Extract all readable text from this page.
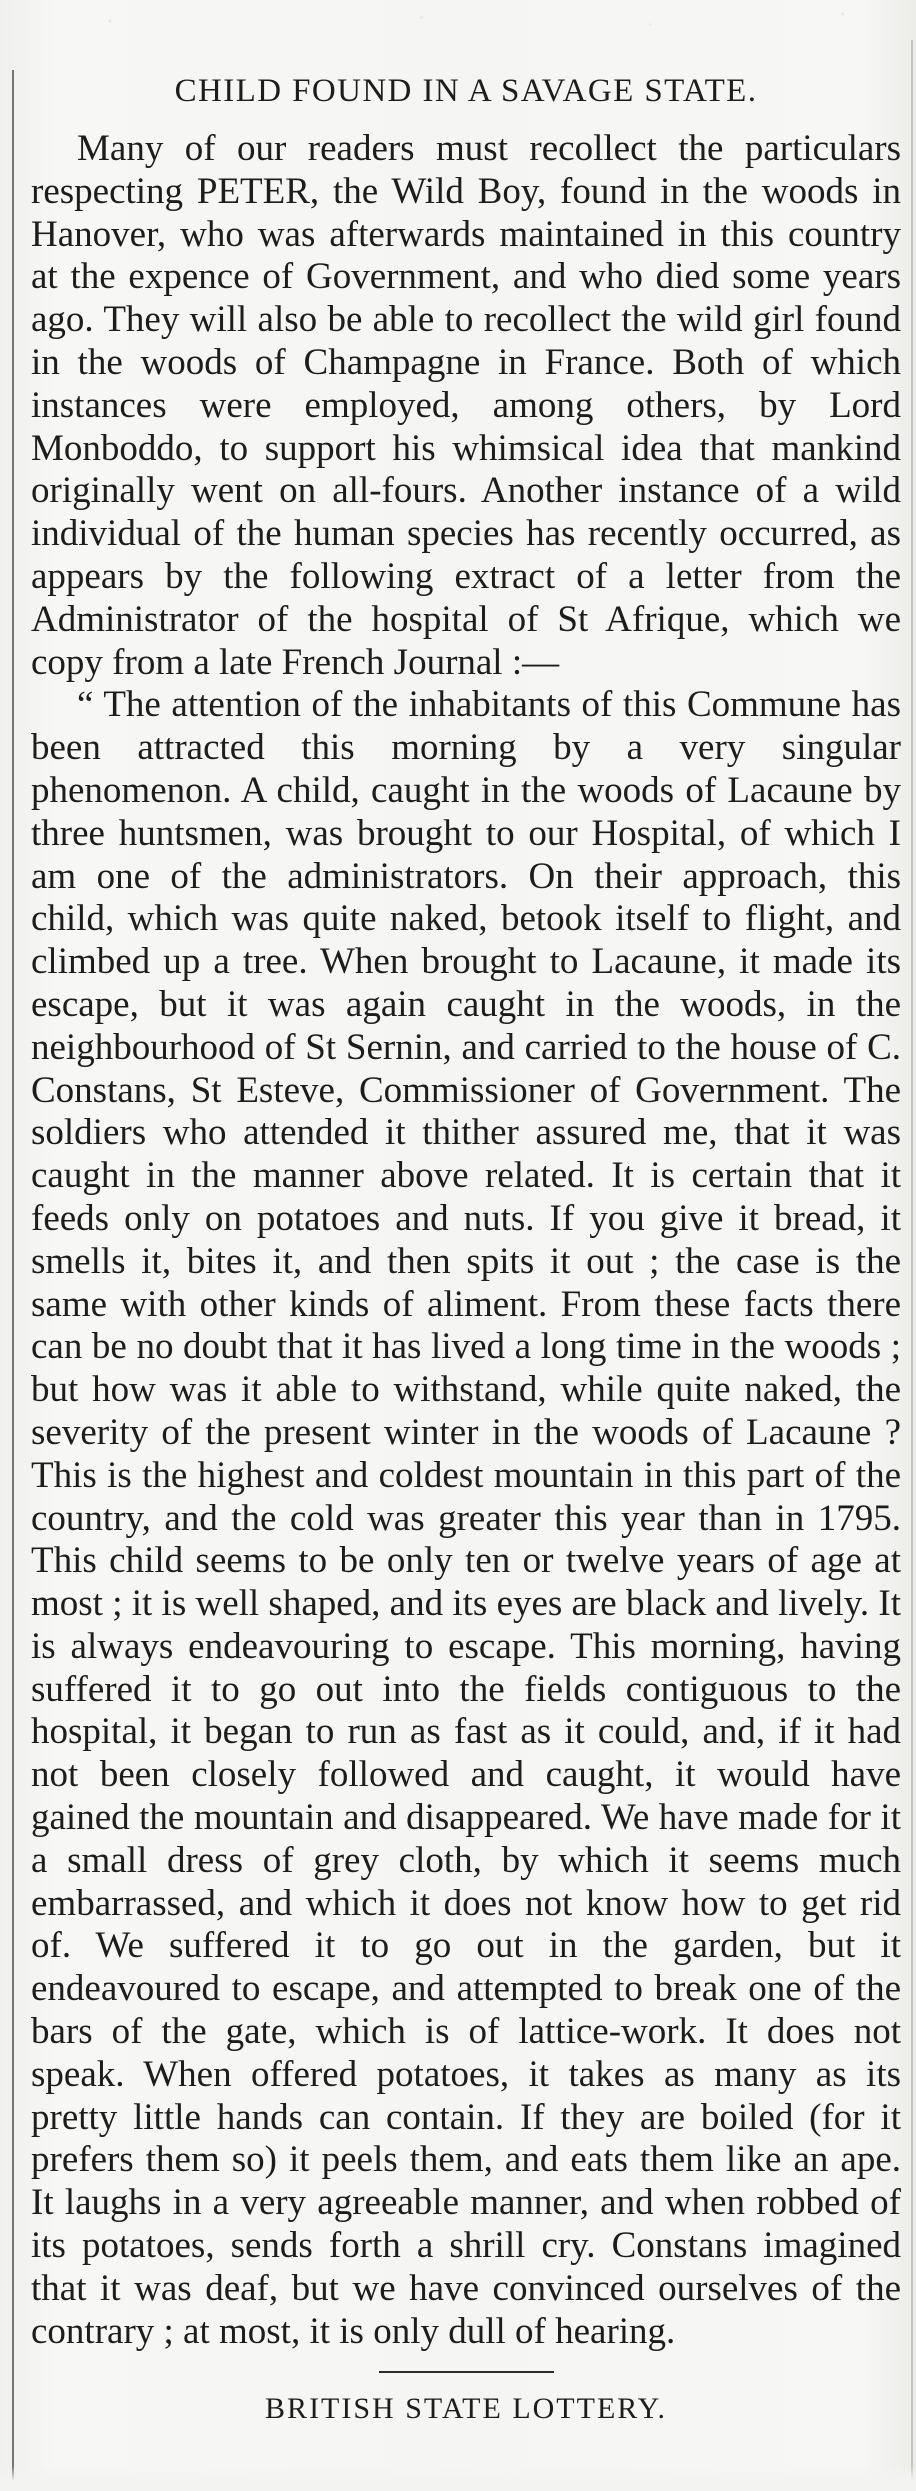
CHILD FOUND IN A SAVAGE STATE.

Many of our readers must recollect the particulars respecting PETER, the Wild Boy, found in the woods in Hanover, who was afterwards maintained in this country at the expence of Government, and who died some years ago. They will also be able to recollect the wild girl found in the woods of Champagne in France. Both of which instances were employed, among others, by Lord Monboddo, to support his whimsical idea that mankind originally went on all-fours. Another instance of a wild individual of the human species has recently occurred, as appears by the following extract of a letter from the Administrator of the hospital of St Afrique, which we copy from a late French Journal :—

“ The attention of the inhabitants of this Commune has been attracted this morning by a very singular phenomenon. A child, caught in the woods of Lacaune by three huntsmen, was brought to our Hospital, of which I am one of the administrators. On their approach, this child, which was quite naked, betook itself to flight, and climbed up a tree. When brought to Lacaune, it made its escape, but it was again caught in the woods, in the neighbourhood of St Sernin, and carried to the house of C. Constans, St Esteve, Commissioner of Government. The soldiers who attended it thither assured me, that it was caught in the manner above related. It is certain that it feeds only on potatoes and nuts. If you give it bread, it smells it, bites it, and then spits it out ; the case is the same with other kinds of aliment. From these facts there can be no doubt that it has lived a long time in the woods ; but how was it able to withstand, while quite naked, the severity of the present winter in the woods of Lacaune ? This is the highest and coldest mountain in this part of the country, and the cold was greater this year than in 1795. This child seems to be only ten or twelve years of age at most ; it is well shaped, and its eyes are black and lively. It is always endeavouring to escape. This morning, having suffered it to go out into the fields contiguous to the hospital, it began to run as fast as it could, and, if it had not been closely followed and caught, it would have gained the mountain and disappeared. We have made for it a small dress of grey cloth, by which it seems much embarrassed, and which it does not know how to get rid of. We suffered it to go out in the garden, but it endeavoured to escape, and attempted to break one of the bars of the gate, which is of lattice-work. It does not speak. When offered potatoes, it takes as many as its pretty little hands can contain. If they are boiled (for it prefers them so) it peels them, and eats them like an ape. It laughs in a very agreeable manner, and when robbed of its potatoes, sends forth a shrill cry. Constans imagined that it was deaf, but we have convinced ourselves of the contrary ; at most, it is only dull of hearing.

BRITISH STATE LOTTERY.
